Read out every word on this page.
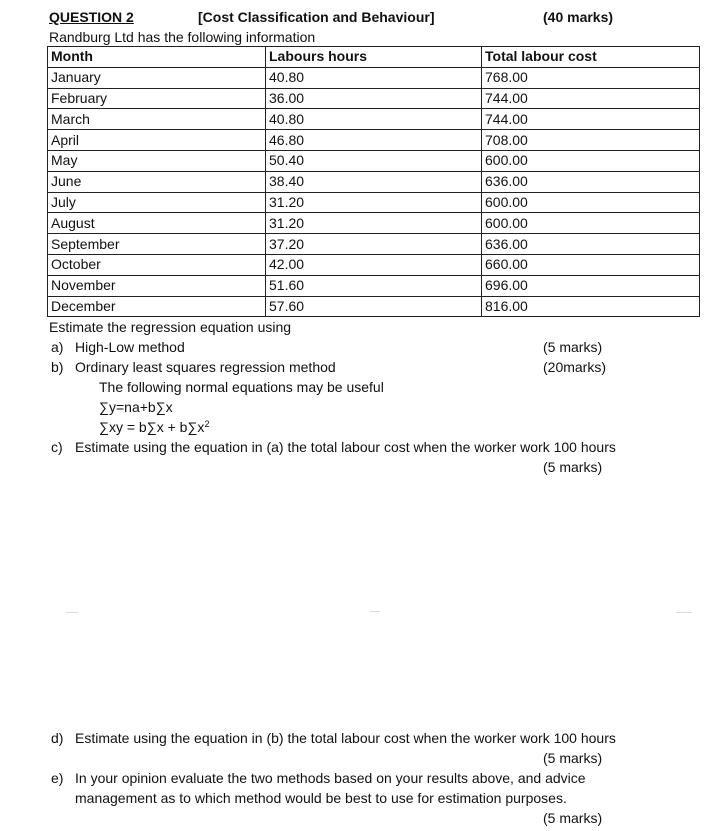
QUESTION 2	[Cost Classification and Behaviour]	(40 marks)
Randburg Ltd has the following information
Month	Labours hours	Total labour cost
January	40.80	768.00
February	36.00	744.00
March	40.80	744.00
April	46.80	708.00
May	50.40	600.00
June	38.40	636.00
July	31.20	600.00
August	31.20	600.00
September	37.20	636.00
October	42.00	660.00
November	51.60	696.00
December	57.60	816.00
Estimate the regression equation using
a) High-Low method	(5 marks)
b) Ordinary least squares regression method	(20marks)
The following normal equations may be useful
∑y=na+b∑x
$\sum xy = b\sum x + b\sum x^2$
c) Estimate using the equation in (a) the total labour cost when the worker work 100 hours
(5 marks)
d) Estimate using the equation in (b) the total labour cost when the worker work 100 hours
(5 marks)
e) In your opinion evaluate the two methods based on your results above, and advice
management as to which method would be best to use for estimation purposes.
(5 marks)
